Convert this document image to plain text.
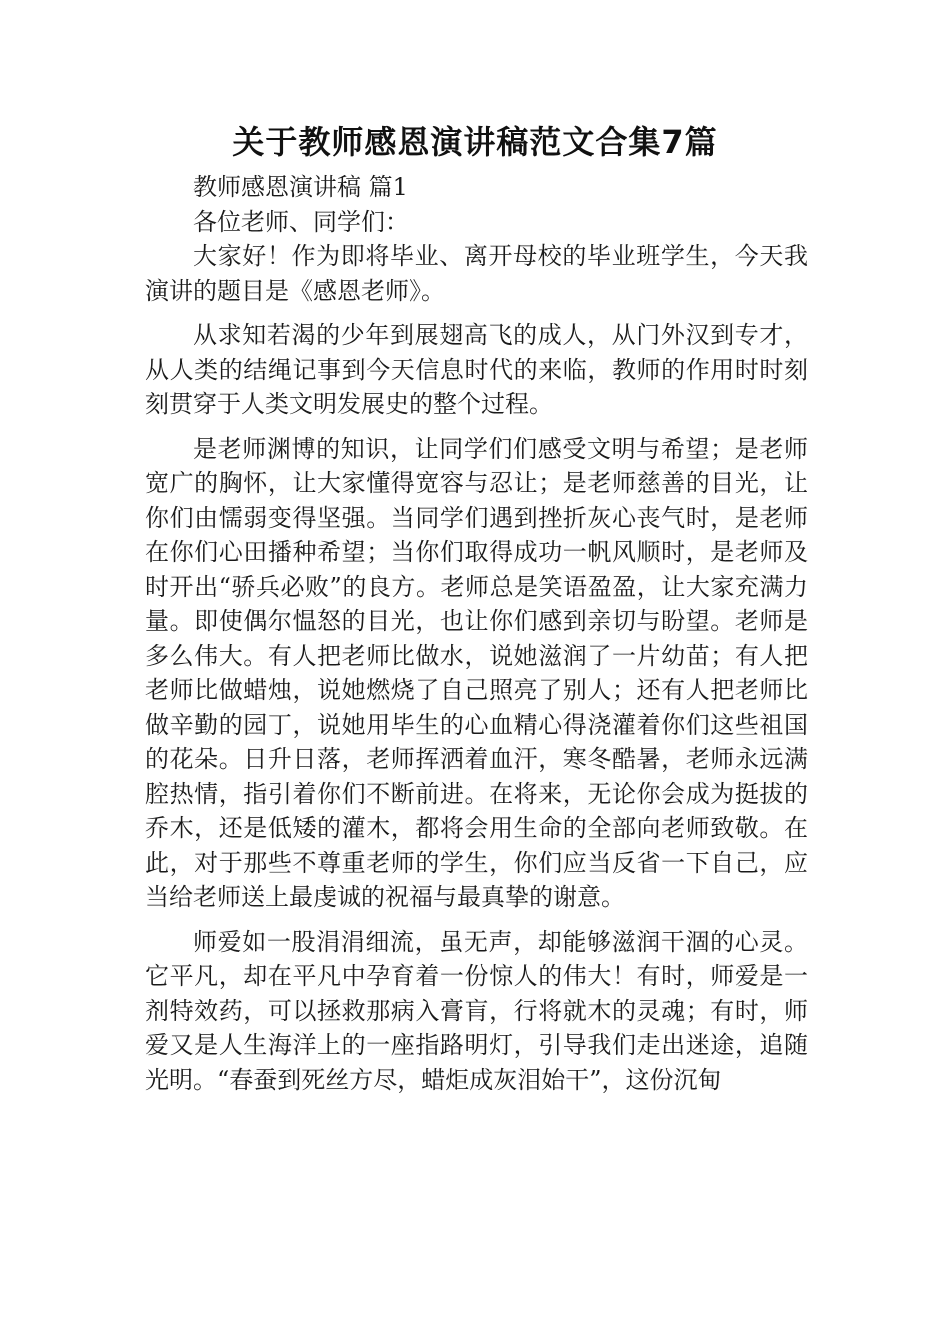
关于教师感恩演讲稿范文合集7篇

教师感恩演讲稿 篇1

各位老师、同学们：

大家好！作为即将毕业、离开母校的毕业班学生，今天我演讲的题目是《感恩老师》。

从求知若渴的少年到展翅高飞的成人，从门外汉到专才，从人类的结绳记事到今天信息时代的来临，教师的作用时时刻刻贯穿于人类文明发展史的整个过程。

是老师渊博的知识，让同学们们感受文明与希望；是老师宽广的胸怀，让大家懂得宽容与忍让；是老师慈善的目光，让你们由懦弱变得坚强。当同学们遇到挫折灰心丧气时，是老师在你们心田播种希望；当你们取得成功一帆风顺时，是老师及时开出“骄兵必败”的良方。老师总是笑语盈盈，让大家充满力量。即使偶尔愠怒的目光，也让你们感到亲切与盼望。老师是多么伟大。有人把老师比做水，说她滋润了一片幼苗；有人把老师比做蜡烛，说她燃烧了自己照亮了别人；还有人把老师比做辛勤的园丁，说她用毕生的心血精心得浇灌着你们这些祖国的花朵。日升日落，老师挥洒着血汗，寒冬酷暑，老师永远满腔热情，指引着你们不断前进。在将来，无论你会成为挺拔的乔木，还是低矮的灌木，都将会用生命的全部向老师致敬。在此，对于那些不尊重老师的学生，你们应当反省一下自己，应当给老师送上最虔诚的祝福与最真挚的谢意。

师爱如一股涓涓细流，虽无声，却能够滋润干涸的心灵。它平凡，却在平凡中孕育着一份惊人的伟大！有时，师爱是一剂特效药，可以拯救那病入膏肓，行将就木的灵魂；有时，师爱又是人生海洋上的一座指路明灯，引导我们走出迷途，追随光明。“春蚕到死丝方尽，蜡炬成灰泪始干”，这份沉甸
